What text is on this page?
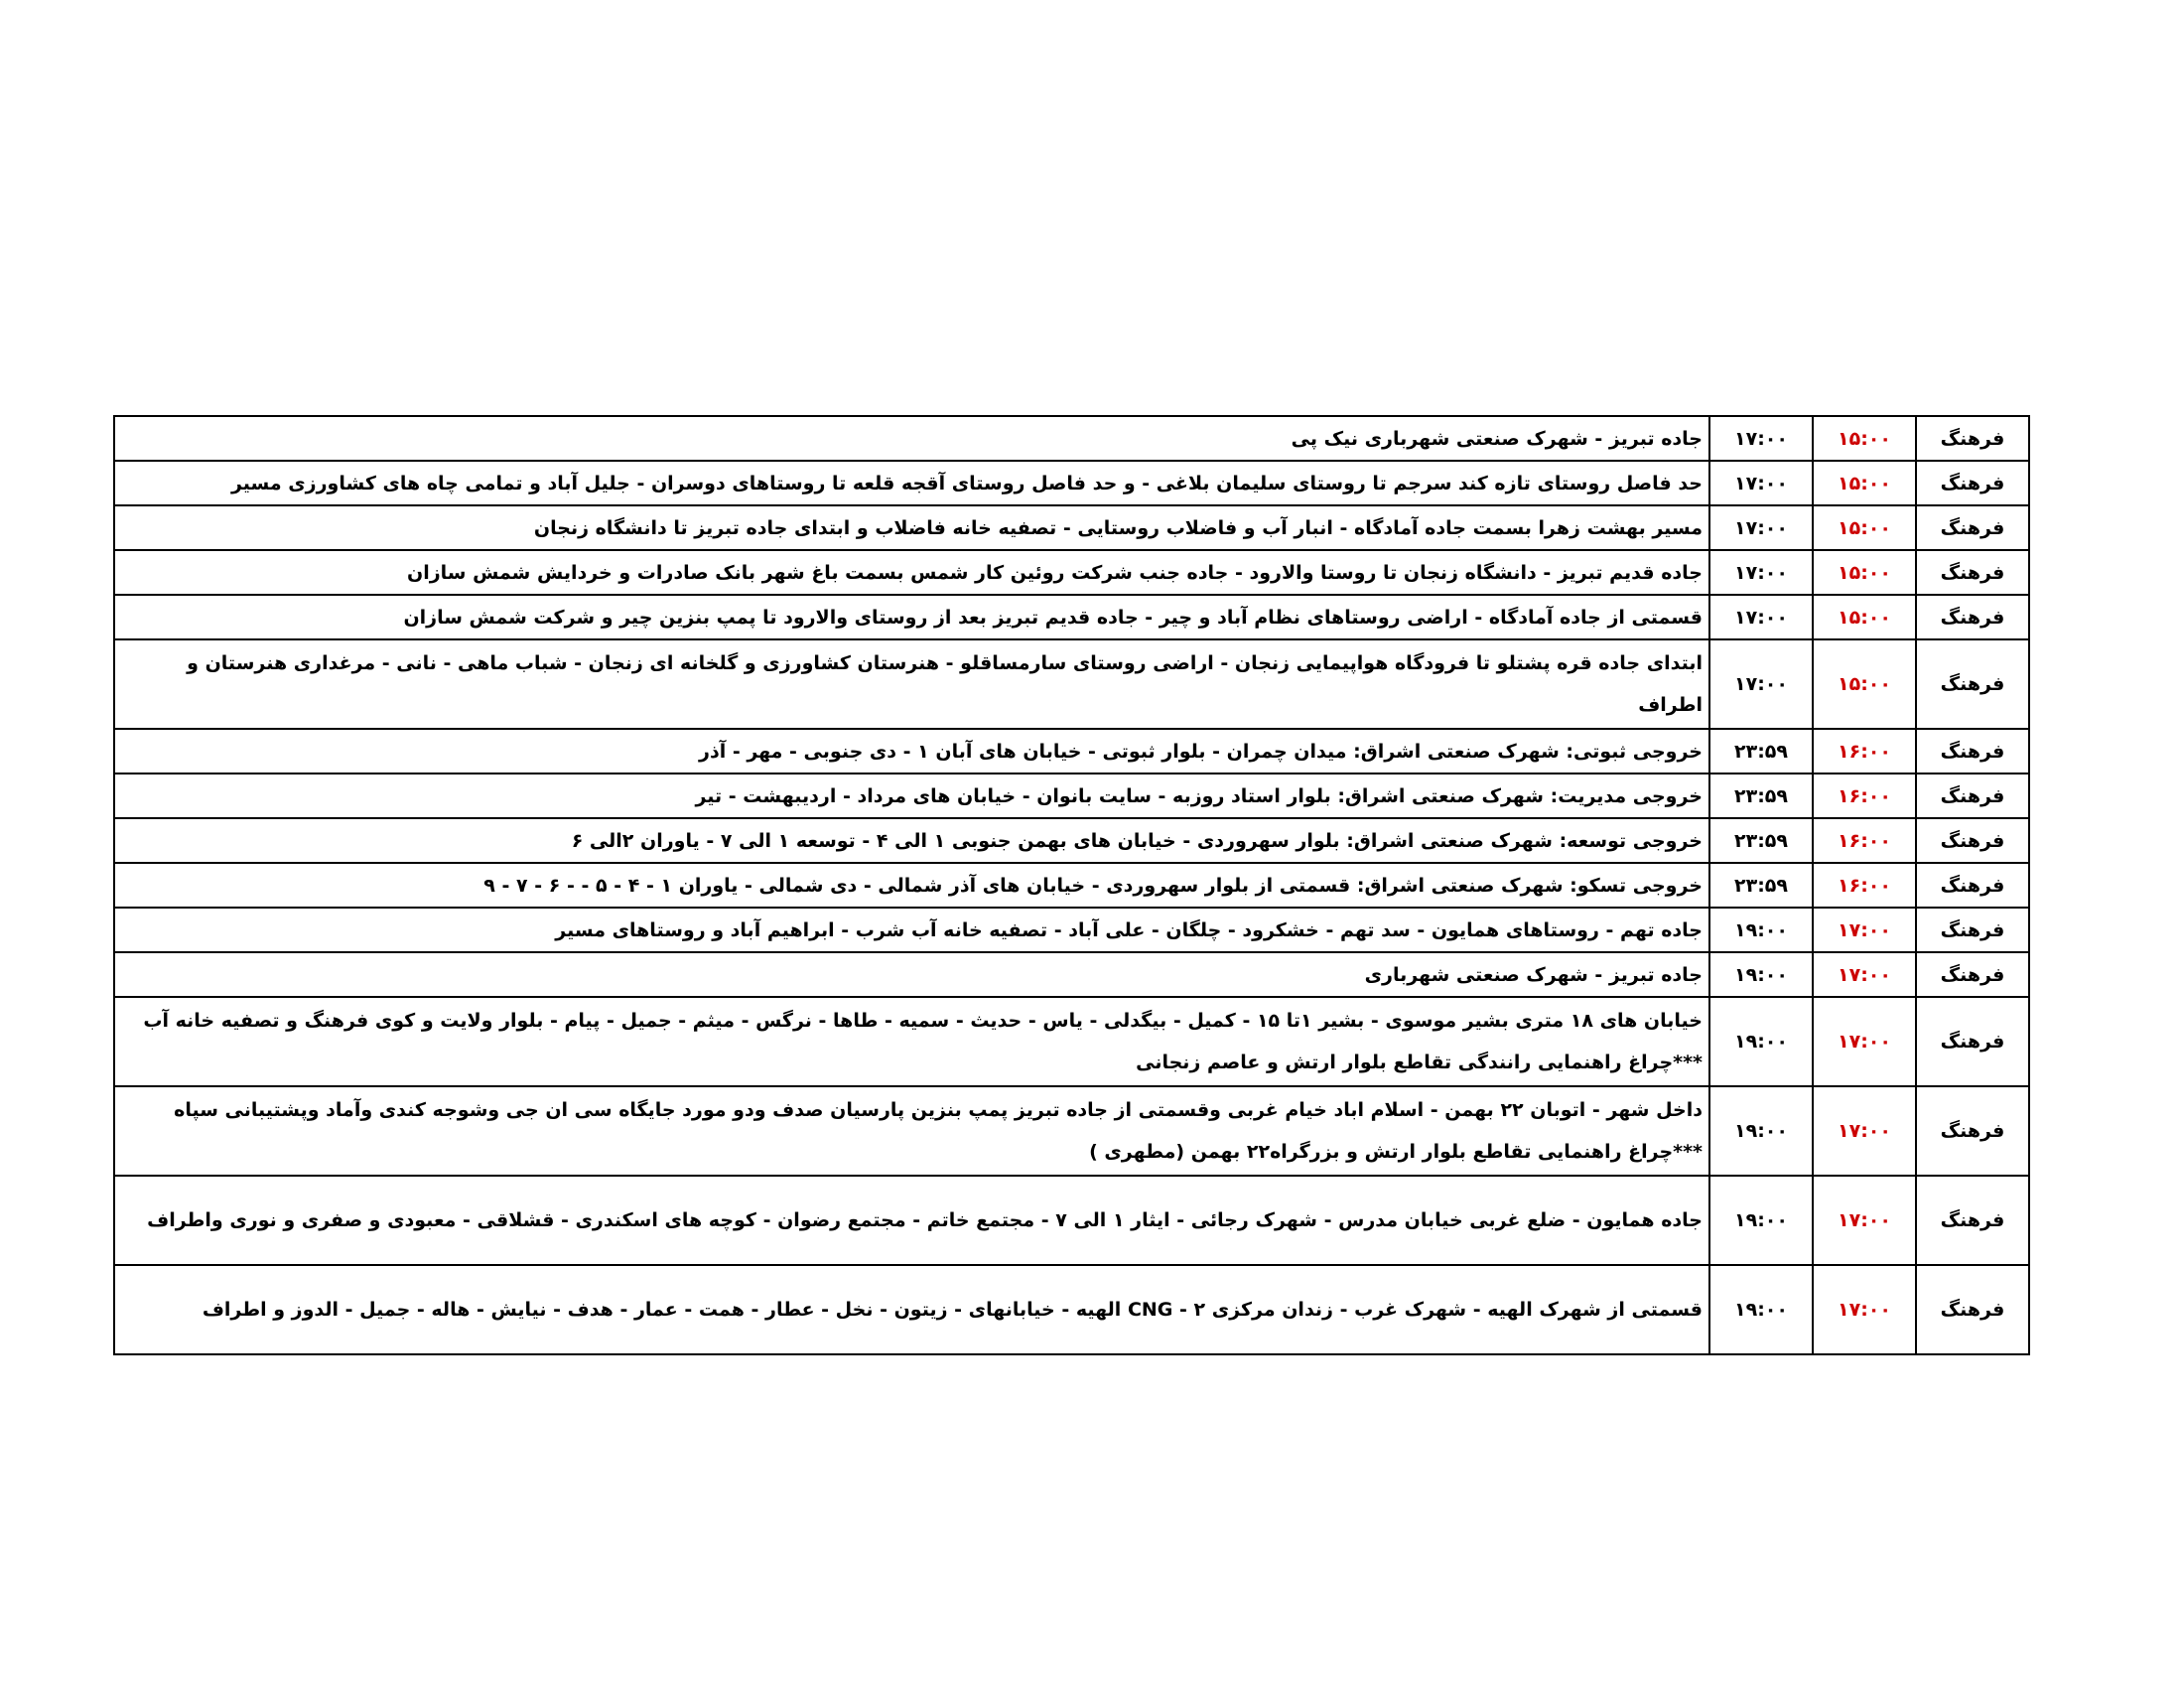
فرهنگ	۱۵:۰۰	۱۷:۰۰	جاده تبریز - شهرک صنعتی شهرباری نیک پی
فرهنگ	۱۵:۰۰	۱۷:۰۰	حد فاصل روستای تازه کند سرجم تا روستای سلیمان بلاغی - و حد فاصل روستای آقجه قلعه تا روستاهای دوسران - جلیل آباد و تمامی چاه های کشاورزی مسیر
فرهنگ	۱۵:۰۰	۱۷:۰۰	مسیر بهشت زهرا بسمت جاده آمادگاه - انبار آب و فاضلاب روستایی - تصفیه خانه فاضلاب و ابتدای جاده تبریز تا دانشگاه زنجان
فرهنگ	۱۵:۰۰	۱۷:۰۰	جاده قدیم تبریز - دانشگاه زنجان تا روستا والارود - جاده جنب شرکت روئین کار شمس بسمت باغ شهر بانک صادرات و خردایش شمش سازان
فرهنگ	۱۵:۰۰	۱۷:۰۰	قسمتی از جاده آمادگاه - اراضی روستاهای نظام آباد و چیر - جاده قدیم تبریز بعد از روستای والارود تا پمپ بنزین چیر و شرکت شمش سازان
فرهنگ	۱۵:۰۰	۱۷:۰۰	ابتدای جاده قره پشتلو تا فرودگاه هواپیمایی زنجان - اراضی روستای سارمساقلو - هنرستان کشاورزی و گلخانه ای زنجان - شباب ماهی - نانی - مرغداری هنرستان و اطراف
فرهنگ	۱۶:۰۰	۲۳:۵۹	خروجی ثبوتی: شهرک صنعتی اشراق: میدان چمران - بلوار ثبوتی - خیابان های آبان ۱ - دی جنوبی - مهر - آذر
فرهنگ	۱۶:۰۰	۲۳:۵۹	خروجی مدیریت: شهرک صنعتی اشراق: بلوار استاد روزبه - سایت بانوان - خیابان های مرداد - اردیبهشت - تیر
فرهنگ	۱۶:۰۰	۲۳:۵۹	خروجی توسعه: شهرک صنعتی اشراق: بلوار سهروردی - خیابان های بهمن جنوبی ۱ الی ۴ - توسعه ۱ الی ۷ - یاوران ۲الی ۶
فرهنگ	۱۶:۰۰	۲۳:۵۹	خروجی تسکو: شهرک صنعتی اشراق: قسمتی از بلوار سهروردی - خیابان های آذر شمالی - دی شمالی - یاوران ۱ - ۴ - ۵ - - ۶ - ۷ - ۹
فرهنگ	۱۷:۰۰	۱۹:۰۰	جاده تهم - روستاهای همایون - سد تهم - خشکرود - چلگان - علی آباد - تصفیه خانه آب شرب - ابراهیم آباد و روستاهای مسیر
فرهنگ	۱۷:۰۰	۱۹:۰۰	جاده تبریز - شهرک صنعتی شهرباری
فرهنگ	۱۷:۰۰	۱۹:۰۰	خیابان های ۱۸ متری بشیر موسوی - بشیر ۱تا ۱۵ - کمیل - بیگدلی - یاس - حدیث - سمیه - طاها - نرگس - میثم - جمیل - پیام - بلوار ولایت و کوی فرهنگ و تصفیه خانه آب ***چراغ راهنمایی رانندگی تقاطع بلوار ارتش و عاصم زنجانی
فرهنگ	۱۷:۰۰	۱۹:۰۰	داخل شهر - اتوبان ۲۲ بهمن - اسلام اباد خیام غربی وقسمتی از جاده تبریز پمپ بنزین پارسیان صدف ودو مورد جایگاه سی ان جی وشوجه کندی وآماد وپشتیبانی سپاه ***چراغ راهنمایی تقاطع بلوار ارتش و بزرگراه۲۲ بهمن (مطهری )
فرهنگ	۱۷:۰۰	۱۹:۰۰	جاده همایون - ضلع غربی خیابان مدرس - شهرک رجائی - ایثار ۱ الی ۷ - مجتمع خاتم - مجتمع رضوان - کوچه های اسکندری - قشلاقی - معبودی و صفری و نوری واطراف
فرهنگ	۱۷:۰۰	۱۹:۰۰	قسمتی از شهرک الهیه - شهرک غرب - زندان مرکزی ۲ - CNG الهیه - خیابانهای - زیتون - نخل - عطار - همت - عمار - هدف - نیایش - هاله - جمیل - الدوز و اطراف
